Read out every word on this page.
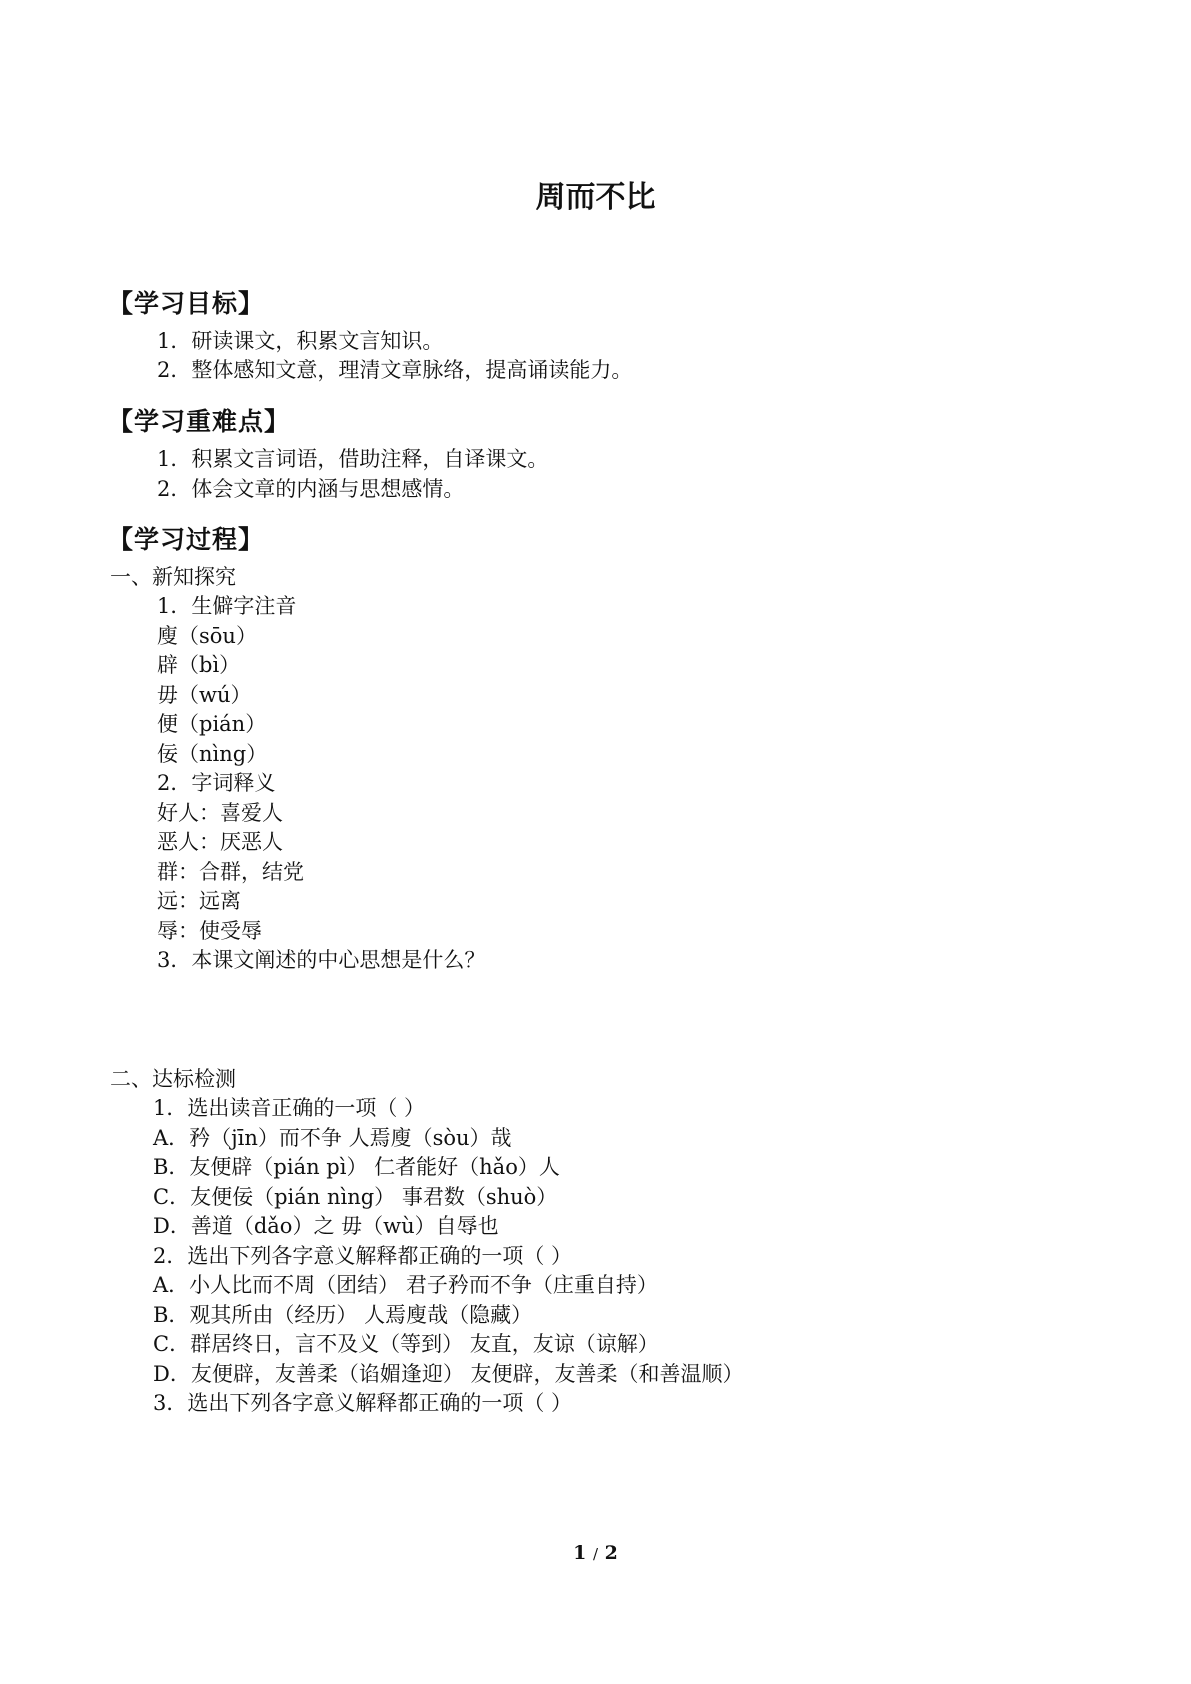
周而不比
【学习目标】
1．研读课文，积累文言知识。
2．整体感知文意，理清文章脉络，提高诵读能力。
【学习重难点】
1．积累文言词语，借助注释，自译课文。
2．体会文章的内涵与思想感情。
【学习过程】
一、新知探究
1．生僻字注音
廋（sōu）
辟（bì）
毋（wú）
便（pián）
佞（nìng）
2．字词释义
好人：喜爱人
恶人：厌恶人
群：合群，结党
远：远离
辱：使受辱
3．本课文阐述的中心思想是什么？
二、达标检测
1．选出读音正确的一项（ ）
A．矜（jīn）而不争 人焉廋（sòu）哉
B．友便辟（pián pì） 仁者能好（hǎo）人
C．友便佞（pián nìng） 事君数（shuò）
D．善道（dǎo）之 毋（wù）自辱也
2．选出下列各字意义解释都正确的一项（ ）
A．小人比而不周（团结） 君子矜而不争（庄重自持）
B．观其所由（经历） 人焉廋哉（隐藏）
C．群居终日，言不及义（等到） 友直，友谅（谅解）
D．友便辟，友善柔（谄媚逢迎） 友便辟，友善柔（和善温顺）
3．选出下列各字意义解释都正确的一项（ ）
1 / 2
